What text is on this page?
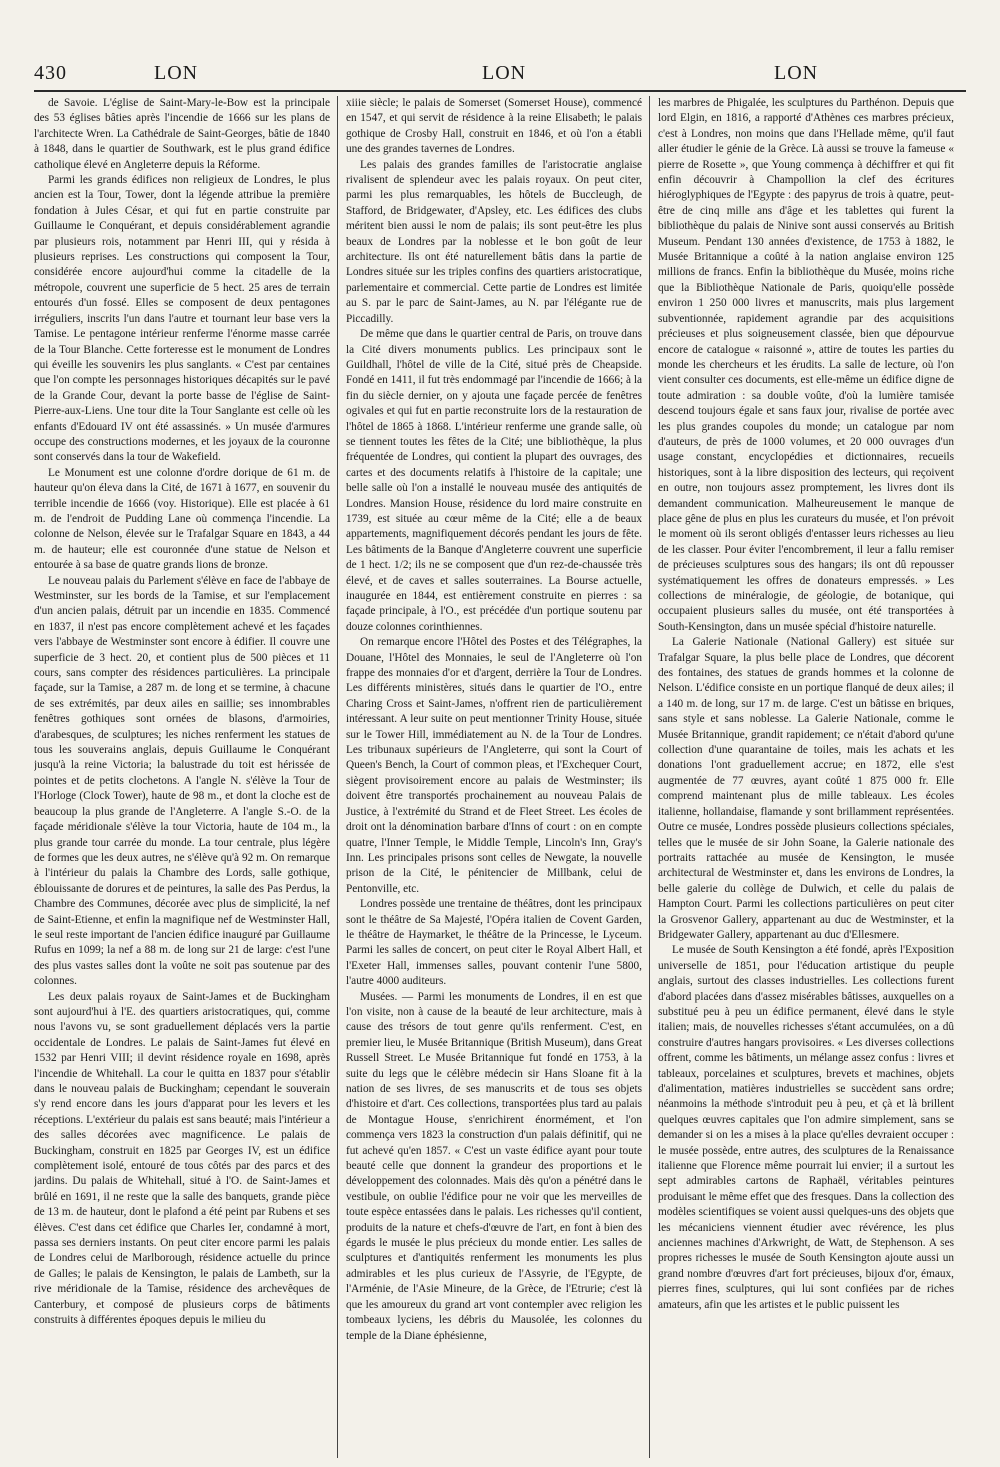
430	LON	LON	LON

de Savoie. L'église de Saint-Mary-le-Bow est la principale des 53 églises bâties après l'incendie de 1666 sur les plans de l'architecte Wren. La Cathédrale de Saint-Georges, bâtie de 1840 à 1848, dans le quartier de Southwark, est le plus grand édifice catholique élevé en Angleterre depuis la Réforme.

Parmi les grands édifices non religieux de Londres, le plus ancien est la Tour, Tower, dont la légende attribue la première fondation à Jules César, et qui fut en partie construite par Guillaume le Conquérant, et depuis considérablement agrandie par plusieurs rois, notamment par Henri III, qui y résida à plusieurs reprises. Les constructions qui composent la Tour, considérée encore aujourd'hui comme la citadelle de la métropole, couvrent une superficie de 5 hect. 25 ares de terrain entourés d'un fossé. Elles se composent de deux pentagones irréguliers, inscrits l'un dans l'autre et tournant leur base vers la Tamise. Le pentagone intérieur renferme l'énorme masse carrée de la Tour Blanche. Cette forteresse est le monument de Londres qui éveille les souvenirs les plus sanglants. « C'est par centaines que l'on compte les personnages historiques décapités sur le pavé de la Grande Cour, devant la porte basse de l'église de Saint-Pierre-aux-Liens. Une tour dite la Tour Sanglante est celle où les enfants d'Edouard IV ont été assassinés. » Un musée d'armures occupe des constructions modernes, et les joyaux de la couronne sont conservés dans la tour de Wakefield.

Le Monument est une colonne d'ordre dorique de 61 m. de hauteur qu'on éleva dans la Cité, de 1671 à 1677, en souvenir du terrible incendie de 1666 (voy. Historique). Elle est placée à 61 m. de l'endroit de Pudding Lane où commença l'incendie. La colonne de Nelson, élevée sur le Trafalgar Square en 1843, a 44 m. de hauteur; elle est couronnée d'une statue de Nelson et entourée à sa base de quatre grands lions de bronze.

Le nouveau palais du Parlement s'élève en face de l'abbaye de Westminster, sur les bords de la Tamise, et sur l'emplacement d'un ancien palais, détruit par un incendie en 1835. Commencé en 1837, il n'est pas encore complètement achevé et les façades vers l'abbaye de Westminster sont encore à édifier. Il couvre une superficie de 3 hect. 20, et contient plus de 500 pièces et 11 cours, sans compter des résidences particulières. La principale façade, sur la Tamise, a 287 m. de long et se termine, à chacune de ses extrémités, par deux ailes en saillie; ses innombrables fenêtres gothiques sont ornées de blasons, d'armoiries, d'arabesques, de sculptures; les niches renferment les statues de tous les souverains anglais, depuis Guillaume le Conquérant jusqu'à la reine Victoria; la balustrade du toit est hérissée de pointes et de petits clochetons. A l'angle N. s'élève la Tour de l'Horloge (Clock Tower), haute de 98 m., et dont la cloche est de beaucoup la plus grande de l'Angleterre. A l'angle S.-O. de la façade méridionale s'élève la tour Victoria, haute de 104 m., la plus grande tour carrée du monde. La tour centrale, plus légère de formes que les deux autres, ne s'élève qu'à 92 m. On remarque à l'intérieur du palais la Chambre des Lords, salle gothique, éblouissante de dorures et de peintures, la salle des Pas Perdus, la Chambre des Communes, décorée avec plus de simplicité, la nef de Saint-Etienne, et enfin la magnifique nef de Westminster Hall, le seul reste important de l'ancien édifice inauguré par Guillaume Rufus en 1099; la nef a 88 m. de long sur 21 de large: c'est l'une des plus vastes salles dont la voûte ne soit pas soutenue par des colonnes.

Les deux palais royaux de Saint-James et de Buckingham sont aujourd'hui à l'E. des quartiers aristocratiques, qui, comme nous l'avons vu, se sont graduellement déplacés vers la partie occidentale de Londres. Le palais de Saint-James fut élevé en 1532 par Henri VIII; il devint résidence royale en 1698, après l'incendie de Whitehall. La cour le quitta en 1837 pour s'établir dans le nouveau palais de Buckingham; cependant le souverain s'y rend encore dans les jours d'apparat pour les levers et les réceptions. L'extérieur du palais est sans beauté; mais l'intérieur a des salles décorées avec magnificence. Le palais de Buckingham, construit en 1825 par Georges IV, est un édifice complètement isolé, entouré de tous côtés par des parcs et des jardins. Du palais de Whitehall, situé à l'O. de Saint-James et brûlé en 1691, il ne reste que la salle des banquets, grande pièce de 13 m. de hauteur, dont le plafond a été peint par Rubens et ses élèves. C'est dans cet édifice que Charles Ier, condamné à mort, passa ses derniers instants. On peut citer encore parmi les palais de Londres celui de Marlborough, résidence actuelle du prince de Galles; le palais de Kensington, le palais de Lambeth, sur la rive méridionale de la Tamise, résidence des archevêques de Canterbury, et composé de plusieurs corps de bâtiments construits à différentes époques depuis le milieu du

xiiie siècle; le palais de Somerset (Somerset House), commencé en 1547, et qui servit de résidence à la reine Elisabeth; le palais gothique de Crosby Hall, construit en 1846, et où l'on a établi une des grandes tavernes de Londres.

Les palais des grandes familles de l'aristocratie anglaise rivalisent de splendeur avec les palais royaux. On peut citer, parmi les plus remarquables, les hôtels de Buccleugh, de Stafford, de Bridgewater, d'Apsley, etc. Les édifices des clubs méritent bien aussi le nom de palais; ils sont peut-être les plus beaux de Londres par la noblesse et le bon goût de leur architecture. Ils ont été naturellement bâtis dans la partie de Londres située sur les triples confins des quartiers aristocratique, parlementaire et commercial. Cette partie de Londres est limitée au S. par le parc de Saint-James, au N. par l'élégante rue de Piccadilly.

De même que dans le quartier central de Paris, on trouve dans la Cité divers monuments publics. Les principaux sont le Guildhall, l'hôtel de ville de la Cité, situé près de Cheapside. Fondé en 1411, il fut très endommagé par l'incendie de 1666; à la fin du siècle dernier, on y ajouta une façade percée de fenêtres ogivales et qui fut en partie reconstruite lors de la restauration de l'hôtel de 1865 à 1868. L'intérieur renferme une grande salle, où se tiennent toutes les fêtes de la Cité; une bibliothèque, la plus fréquentée de Londres, qui contient la plupart des ouvrages, des cartes et des documents relatifs à l'histoire de la capitale; une belle salle où l'on a installé le nouveau musée des antiquités de Londres. Mansion House, résidence du lord maire construite en 1739, est située au cœur même de la Cité; elle a de beaux appartements, magnifiquement décorés pendant les jours de fête. Les bâtiments de la Banque d'Angleterre couvrent une superficie de 1 hect. 1/2; ils ne se composent que d'un rez-de-chaussée très élevé, et de caves et salles souterraines. La Bourse actuelle, inaugurée en 1844, est entièrement construite en pierres : sa façade principale, à l'O., est précédée d'un portique soutenu par douze colonnes corinthiennes.

On remarque encore l'Hôtel des Postes et des Télégraphes, la Douane, l'Hôtel des Monnaies, le seul de l'Angleterre où l'on frappe des monnaies d'or et d'argent, derrière la Tour de Londres. Les différents ministères, situés dans le quartier de l'O., entre Charing Cross et Saint-James, n'offrent rien de particulièrement intéressant. A leur suite on peut mentionner Trinity House, située sur le Tower Hill, immédiatement au N. de la Tour de Londres. Les tribunaux supérieurs de l'Angleterre, qui sont la Court of Queen's Bench, la Court of common pleas, et l'Exchequer Court, siègent provisoirement encore au palais de Westminster; ils doivent être transportés prochainement au nouveau Palais de Justice, à l'extrémité du Strand et de Fleet Street. Les écoles de droit ont la dénomination barbare d'Inns of court : on en compte quatre, l'Inner Temple, le Middle Temple, Lincoln's Inn, Gray's Inn. Les principales prisons sont celles de Newgate, la nouvelle prison de la Cité, le pénitencier de Millbank, celui de Pentonville, etc.

Londres possède une trentaine de théâtres, dont les principaux sont le théâtre de Sa Majesté, l'Opéra italien de Covent Garden, le théâtre de Haymarket, le théâtre de la Princesse, le Lyceum. Parmi les salles de concert, on peut citer le Royal Albert Hall, et l'Exeter Hall, immenses salles, pouvant contenir l'une 5800, l'autre 4000 auditeurs.

Musées. — Parmi les monuments de Londres, il en est que l'on visite, non à cause de la beauté de leur architecture, mais à cause des trésors de tout genre qu'ils renferment. C'est, en premier lieu, le Musée Britannique (British Museum), dans Great Russell Street. Le Musée Britannique fut fondé en 1753, à la suite du legs que le célèbre médecin sir Hans Sloane fit à la nation de ses livres, de ses manuscrits et de tous ses objets d'histoire et d'art. Ces collections, transportées plus tard au palais de Montague House, s'enrichirent énormément, et l'on commença vers 1823 la construction d'un palais définitif, qui ne fut achevé qu'en 1857. « C'est un vaste édifice ayant pour toute beauté celle que donnent la grandeur des proportions et le développement des colonnades. Mais dès qu'on a pénétré dans le vestibule, on oublie l'édifice pour ne voir que les merveilles de toute espèce entassées dans le palais. Les richesses qu'il contient, produits de la nature et chefs-d'œuvre de l'art, en font à bien des égards le musée le plus précieux du monde entier. Les salles de sculptures et d'antiquités renferment les monuments les plus admirables et les plus curieux de l'Assyrie, de l'Egypte, de l'Arménie, de l'Asie Mineure, de la Grèce, de l'Etrurie; c'est là que les amoureux du grand art vont contempler avec religion les tombeaux lyciens, les débris du Mausolée, les colonnes du temple de la Diane éphésienne,

les marbres de Phigalée, les sculptures du Parthénon. Depuis que lord Elgin, en 1816, a rapporté d'Athènes ces marbres précieux, c'est à Londres, non moins que dans l'Hellade même, qu'il faut aller étudier le génie de la Grèce. Là aussi se trouve la fameuse « pierre de Rosette », que Young commença à déchiffrer et qui fit enfin découvrir à Champollion la clef des écritures hiéroglyphiques de l'Egypte : des papyrus de trois à quatre, peut-être de cinq mille ans d'âge et les tablettes qui furent la bibliothèque du palais de Ninive sont aussi conservés au British Museum. Pendant 130 années d'existence, de 1753 à 1882, le Musée Britannique a coûté à la nation anglaise environ 125 millions de francs. Enfin la bibliothèque du Musée, moins riche que la Bibliothèque Nationale de Paris, quoiqu'elle possède environ 1 250 000 livres et manuscrits, mais plus largement subventionnée, rapidement agrandie par des acquisitions précieuses et plus soigneusement classée, bien que dépourvue encore de catalogue « raisonné », attire de toutes les parties du monde les chercheurs et les érudits. La salle de lecture, où l'on vient consulter ces documents, est elle-même un édifice digne de toute admiration : sa double voûte, d'où la lumière tamisée descend toujours égale et sans faux jour, rivalise de portée avec les plus grandes coupoles du monde; un catalogue par nom d'auteurs, de près de 1000 volumes, et 20 000 ouvrages d'un usage constant, encyclopédies et dictionnaires, recueils historiques, sont à la libre disposition des lecteurs, qui reçoivent en outre, non toujours assez promptement, les livres dont ils demandent communication. Malheureusement le manque de place gêne de plus en plus les curateurs du musée, et l'on prévoit le moment où ils seront obligés d'entasser leurs richesses au lieu de les classer. Pour éviter l'encombrement, il leur a fallu remiser de précieuses sculptures sous des hangars; ils ont dû repousser systématiquement les offres de donateurs empressés. » Les collections de minéralogie, de géologie, de botanique, qui occupaient plusieurs salles du musée, ont été transportées à South-Kensington, dans un musée spécial d'histoire naturelle.

La Galerie Nationale (National Gallery) est située sur Trafalgar Square, la plus belle place de Londres, que décorent des fontaines, des statues de grands hommes et la colonne de Nelson. L'édifice consiste en un portique flanqué de deux ailes; il a 140 m. de long, sur 17 m. de large. C'est un bâtisse en briques, sans style et sans noblesse. La Galerie Nationale, comme le Musée Britannique, grandit rapidement; ce n'était d'abord qu'une collection d'une quarantaine de toiles, mais les achats et les donations l'ont graduellement accrue; en 1872, elle s'est augmentée de 77 œuvres, ayant coûté 1 875 000 fr. Elle comprend maintenant plus de mille tableaux. Les écoles italienne, hollandaise, flamande y sont brillamment représentées. Outre ce musée, Londres possède plusieurs collections spéciales, telles que le musée de sir John Soane, la Galerie nationale des portraits rattachée au musée de Kensington, le musée architectural de Westminster et, dans les environs de Londres, la belle galerie du collège de Dulwich, et celle du palais de Hampton Court. Parmi les collections particulières on peut citer la Grosvenor Gallery, appartenant au duc de Westminster, et la Bridgewater Gallery, appartenant au duc d'Ellesmere.

Le musée de South Kensington a été fondé, après l'Exposition universelle de 1851, pour l'éducation artistique du peuple anglais, surtout des classes industrielles. Les collections furent d'abord placées dans d'assez misérables bâtisses, auxquelles on a substitué peu à peu un édifice permanent, élevé dans le style italien; mais, de nouvelles richesses s'étant accumulées, on a dû construire d'autres hangars provisoires. « Les diverses collections offrent, comme les bâtiments, un mélange assez confus : livres et tableaux, porcelaines et sculptures, brevets et machines, objets d'alimentation, matières industrielles se succèdent sans ordre; néanmoins la méthode s'introduit peu à peu, et çà et là brillent quelques œuvres capitales que l'on admire simplement, sans se demander si on les a mises à la place qu'elles devraient occuper : le musée possède, entre autres, des sculptures de la Renaissance italienne que Florence même pourrait lui envier; il a surtout les sept admirables cartons de Raphaël, véritables peintures produisant le même effet que des fresques. Dans la collection des modèles scientifiques se voient aussi quelques-uns des objets que les mécaniciens viennent étudier avec révérence, les plus anciennes machines d'Arkwright, de Watt, de Stephenson. A ses propres richesses le musée de South Kensington ajoute aussi un grand nombre d'œuvres d'art fort précieuses, bijoux d'or, émaux, pierres fines, sculptures, qui lui sont confiées par de riches amateurs, afin que les artistes et le public puissent les
